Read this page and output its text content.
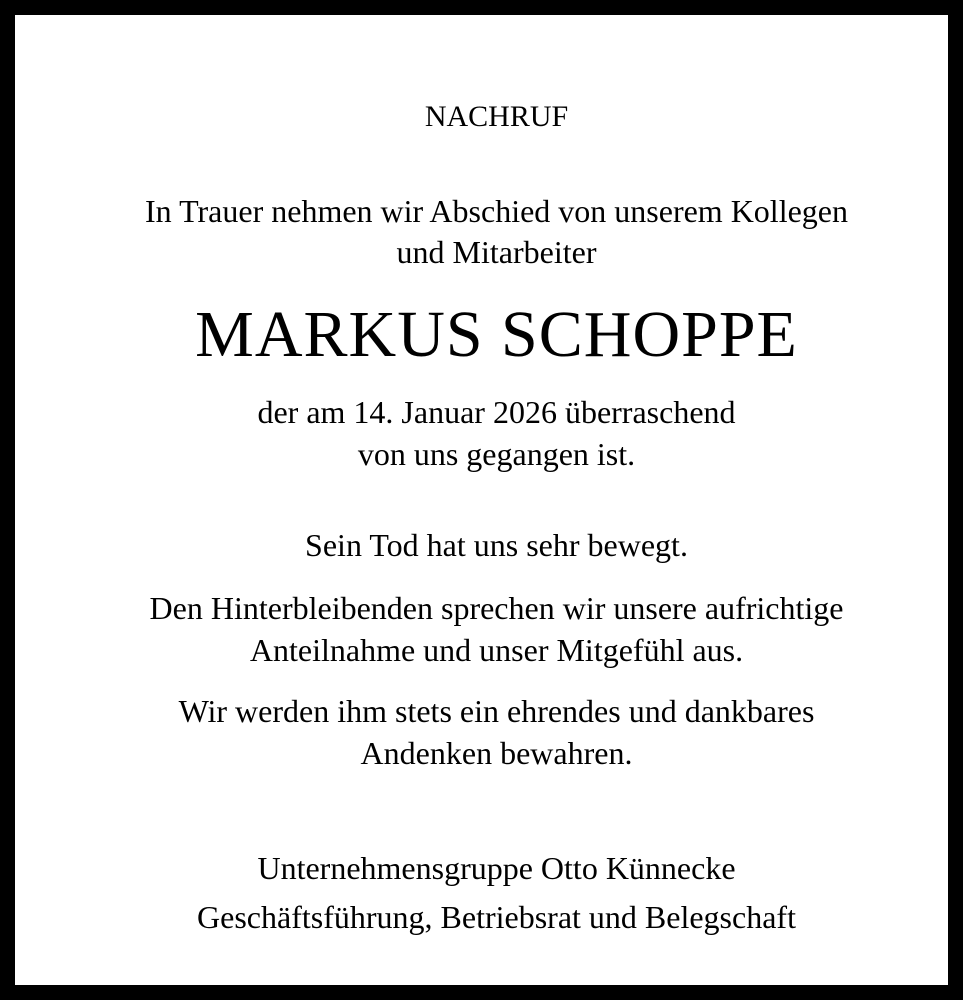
NACHRUF
In Trauer nehmen wir Abschied von unserem Kollegen
und Mitarbeiter
MARKUS SCHOPPE
der am 14. Januar 2026 überraschend
von uns gegangen ist.
Sein Tod hat uns sehr bewegt.
Den Hinterbleibenden sprechen wir unsere aufrichtige
Anteilnahme und unser Mitgefühl aus.
Wir werden ihm stets ein ehrendes und dankbares
Andenken bewahren.
Unternehmensgruppe Otto Künnecke
Geschäftsführung, Betriebsrat und Belegschaft
